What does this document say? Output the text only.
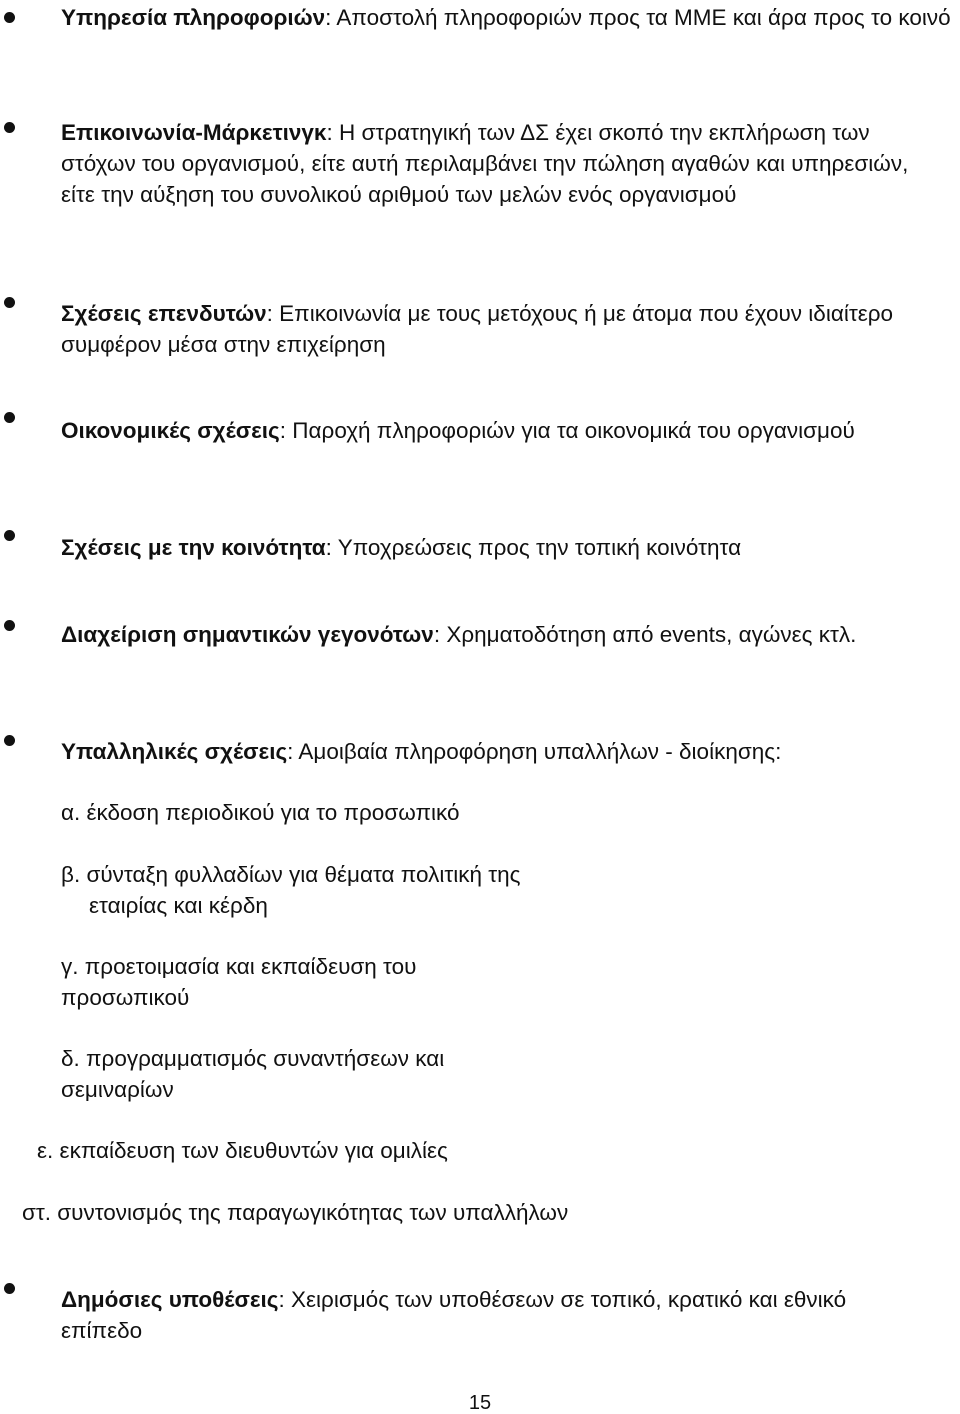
Υπηρεσία πληροφοριών: Αποστολή πληροφοριών προς τα ΜΜΕ και άρα προς το κοινό
Επικοινωνία-Μάρκετινγκ: Η στρατηγική των ΔΣ έχει σκοπό την εκπλήρωση των στόχων του οργανισμού, είτε αυτή περιλαμβάνει την πώληση αγαθών και υπηρεσιών, είτε την αύξηση του συνολικού αριθμού των μελών ενός οργανισμού
Σχέσεις επενδυτών: Επικοινωνία με τους μετόχους ή με άτομα που έχουν ιδιαίτερο συμφέρον μέσα στην επιχείρηση
Οικονομικές σχέσεις: Παροχή πληροφοριών για τα οικονομικά του οργανισμού
Σχέσεις με την κοινότητα: Υποχρεώσεις προς την τοπική κοινότητα
Διαχείριση σημαντικών γεγονότων: Χρηματοδότηση από events, αγώνες κτλ.
Υπαλληλικές σχέσεις: Αμοιβαία πληροφόρηση υπαλλήλων - διοίκησης:
α. έκδοση περιοδικού για το προσωπικό
β. σύνταξη φυλλαδίων για θέματα πολιτική της
εταιρίας και κέρδη
γ. προετοιμασία και εκπαίδευση του
προσωπικού
δ. προγραμματισμός συναντήσεων και
σεμιναρίων
ε. εκπαίδευση των διευθυντών για ομιλίες
στ. συντονισμός της παραγωγικότητας των υπαλλήλων
Δημόσιες υποθέσεις: Χειρισμός των υποθέσεων σε τοπικό, κρατικό και εθνικό επίπεδο
15
